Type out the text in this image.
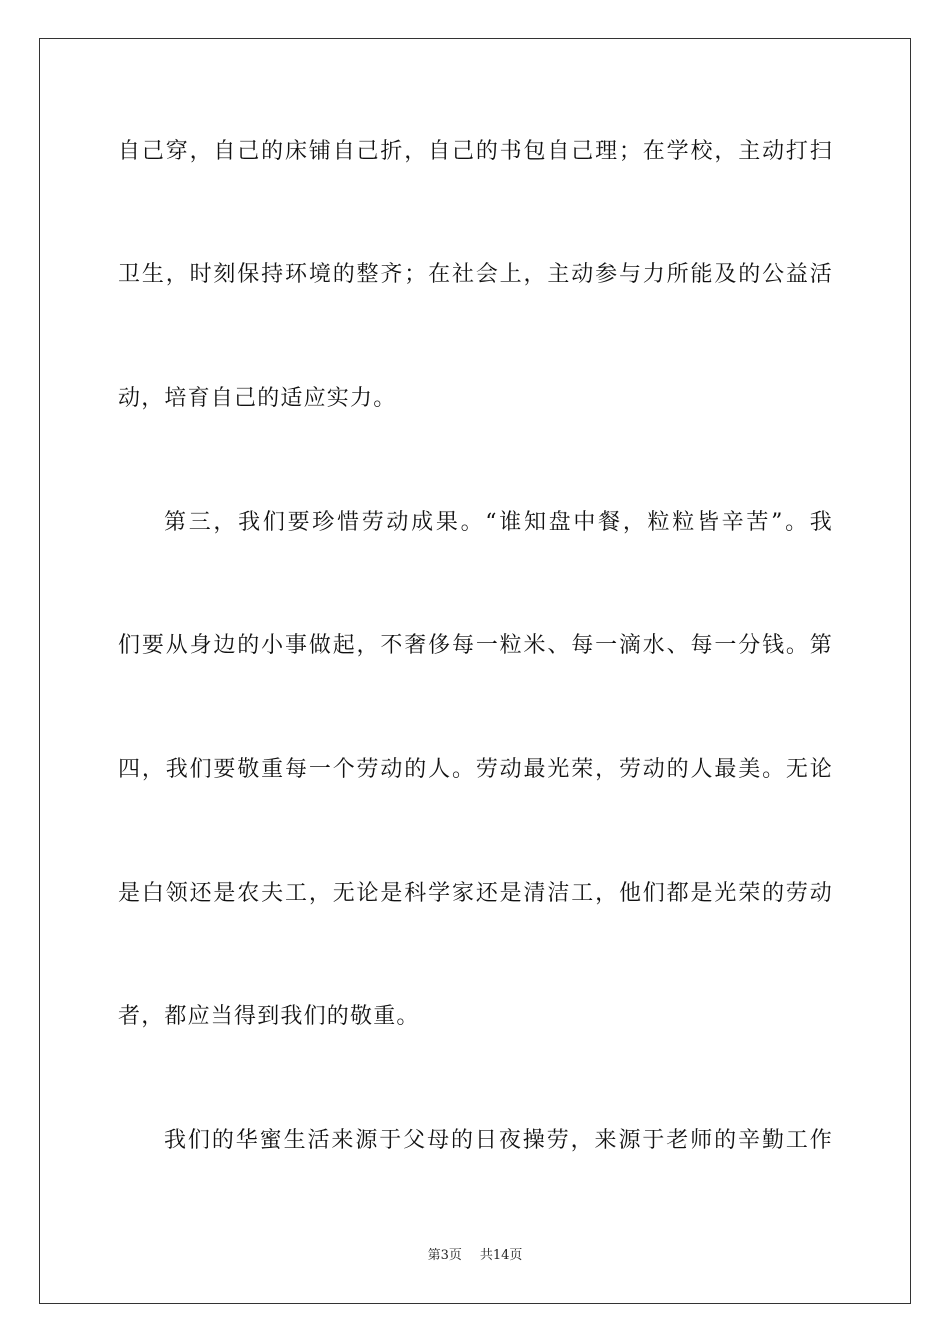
自己穿，自己的床铺自己折，自己的书包自己理；在学校，主动打扫
卫生，时刻保持环境的整齐；在社会上，主动参与力所能及的公益活
动，培育自己的适应实力。
第三，我们要珍惜劳动成果。“谁知盘中餐，粒粒皆辛苦”。我
们要从身边的小事做起，不奢侈每一粒米、每一滴水、每一分钱。第
四，我们要敬重每一个劳动的人。劳动最光荣，劳动的人最美。无论
是白领还是农夫工，无论是科学家还是清洁工，他们都是光荣的劳动
者，都应当得到我们的敬重。
我们的华蜜生活来源于父母的日夜操劳，来源于老师的辛勤工作
第3页 共14页
